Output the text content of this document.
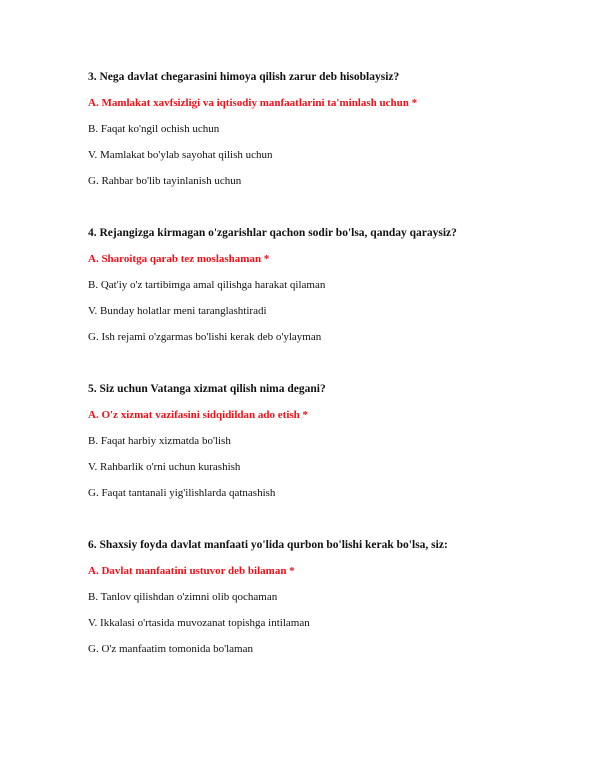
3. Nega davlat chegarasini himoya qilish zarur deb hisoblaysiz?
A. Mamlakat xavfsizligi va iqtisodiy manfaatlarini ta'minlash uchun *
B. Faqat ko'ngil ochish uchun
V. Mamlakat bo'ylab sayohat qilish uchun
G. Rahbar bo'lib tayinlanish uchun
4. Rejangizga kirmagan o'zgarishlar qachon sodir bo'lsa, qanday qaraysiz?
A. Sharoitga qarab tez moslashaman *
B. Qat'iy o'z tartibimga amal qilishga harakat qilaman
V. Bunday holatlar meni taranglashtiradi
G. Ish rejami o'zgarmas bo'lishi kerak deb o'ylayman
5. Siz uchun Vatanga xizmat qilish nima degani?
A. O'z xizmat vazifasini sidqidildan ado etish *
B. Faqat harbiy xizmatda bo'lish
V. Rahbarlik o'rni uchun kurashish
G. Faqat tantanali yig'ilishlarda qatnashish
6. Shaxsiy foyda davlat manfaati yo'lida qurbon bo'lishi kerak bo'lsa, siz:
A. Davlat manfaatini ustuvor deb bilaman *
B. Tanlov qilishdan o'zimni olib qochaman
V. Ikkalasi o'rtasida muvozanat topishga intilaman
G. O'z manfaatim tomonida bo'laman
